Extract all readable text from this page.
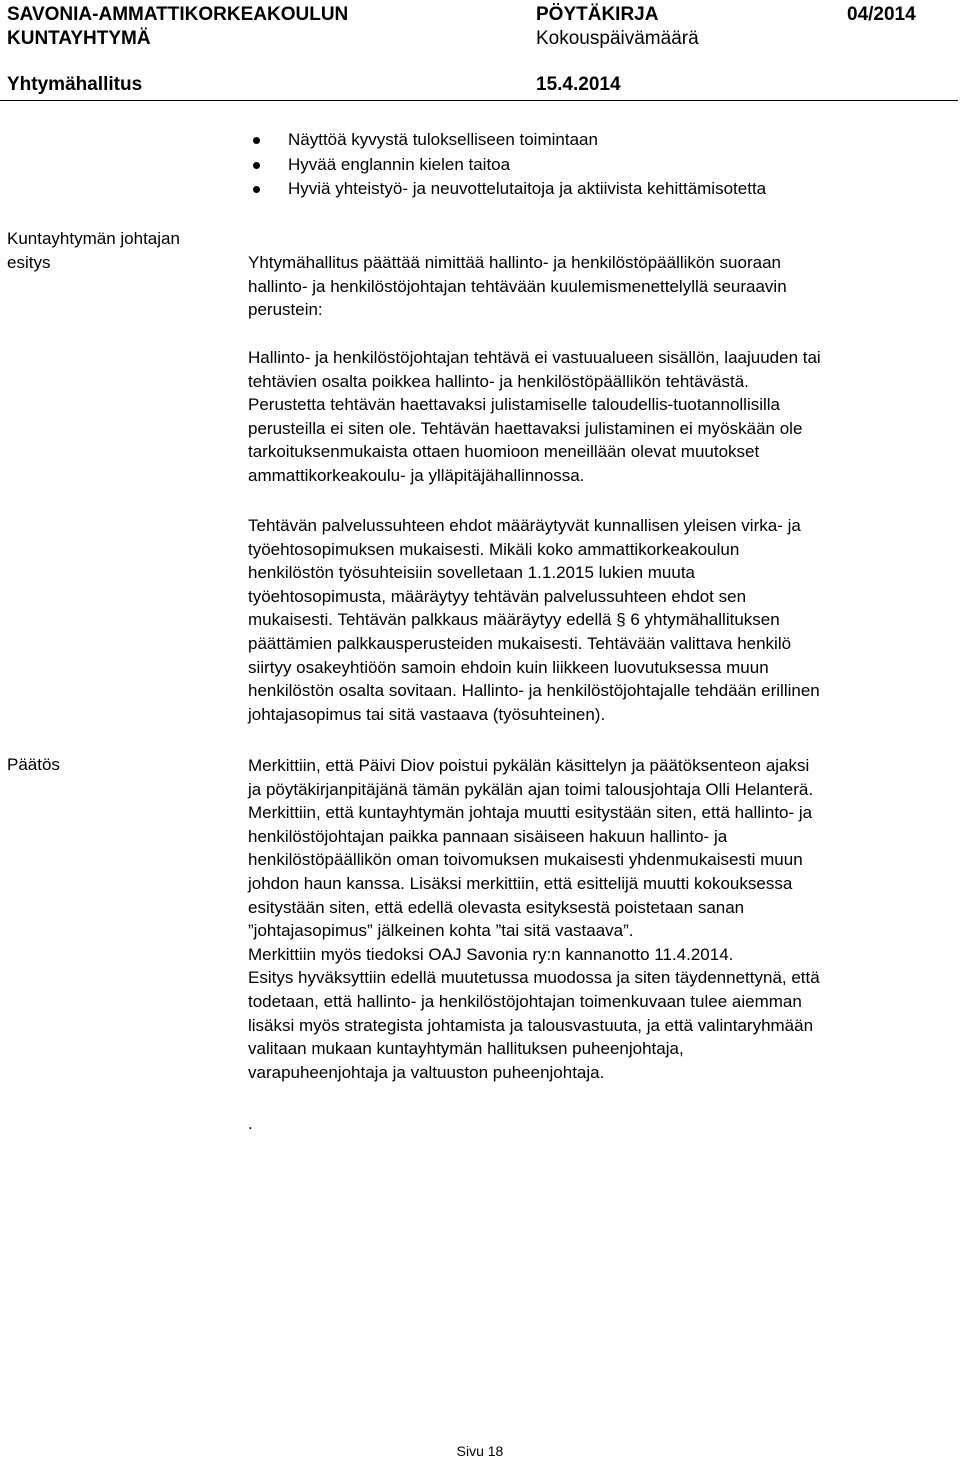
SAVONIA-AMMATTIKORKEAKOULUN
KUNTAYHTYMÄ
PÖYTÄKIRJA	04/2014
Kokouspäivämäärä
Yhtymähallitus	15.4.2014
Näyttöä kyvystä tulokselliseen toimintaan
Hyvää englannin kielen taitoa
Hyviä yhteistyö- ja neuvottelutaitoja ja aktiivista kehittämisotetta
Kuntayhtymän johtajan
esitys	Yhtymähallitus päättää nimittää hallinto- ja henkilöstöpäällikön suoraan
hallinto- ja henkilöstöjohtajan tehtävään kuulemismenettelyllä seuraavin
perustein:
Hallinto- ja henkilöstöjohtajan tehtävä ei vastuualueen sisällön, laajuuden tai
tehtävien osalta poikkea hallinto- ja henkilöstöpäällikön tehtävästä.
Perustetta tehtävän haettavaksi julistamiselle taloudellis-tuotannollisilla
perusteilla ei siten ole. Tehtävän haettavaksi julistaminen ei myöskään ole
tarkoituksenmukaista ottaen huomioon meneillään olevat muutokset
ammattikorkeakoulu- ja ylläpitäjähallinnossa.
Tehtävän palvelussuhteen ehdot määräytyvät kunnallisen yleisen virka- ja
työehtosopimuksen mukaisesti. Mikäli koko ammattikorkeakoulun
henkilöstön työsuhteisiin sovelletaan 1.1.2015 lukien muuta
työehtosopimusta, määräytyy tehtävän palvelussuhteen ehdot sen
mukaisesti. Tehtävän palkkaus määräytyy edellä § 6 yhtymähallituksen
päättämien palkkausperusteiden mukaisesti. Tehtävään valittava henkilö
siirtyy osakeyhtiöön samoin ehdoin kuin liikkeen luovutuksessa muun
henkilöstön osalta sovitaan. Hallinto- ja henkilöstöjohtajalle tehdään erillinen
johtajasopimus tai sitä vastaava (työsuhteinen).
Päätös	Merkittiin, että Päivi Diov poistui pykälän käsittelyn ja päätöksenteon ajaksi
ja pöytäkirjanpitäjänä tämän pykälän ajan toimi talousjohtaja Olli Helanterä.
Merkittiin, että kuntayhtymän johtaja muutti esitystään siten, että hallinto- ja
henkilöstöjohtajan paikka pannaan sisäiseen hakuun hallinto- ja
henkilöstöpäällikön oman toivomuksen mukaisesti yhdenmukaisesti muun
johdon haun kanssa. Lisäksi merkittiin, että esittelijä muutti kokouksessa
esitystään siten, että edellä olevasta esityksestä poistetaan sanan
”johtajasopimus” jälkeinen kohta ”tai sitä vastaava”.
Merkittiin myös tiedoksi OAJ Savonia ry:n kannanotto 11.4.2014.
Esitys hyväksyttiin edellä muutetussa muodossa ja siten täydennettynä, että
todetaan, että hallinto- ja henkilöstöjohtajan toimenkuvaan tulee aiemman
lisäksi myös strategista johtamista ja talousvastuuta, ja että valintaryhmään
valitaan mukaan kuntayhtymän hallituksen puheenjohtaja,
varapuheenjohtaja ja valtuuston puheenjohtaja.
.
Sivu 18
